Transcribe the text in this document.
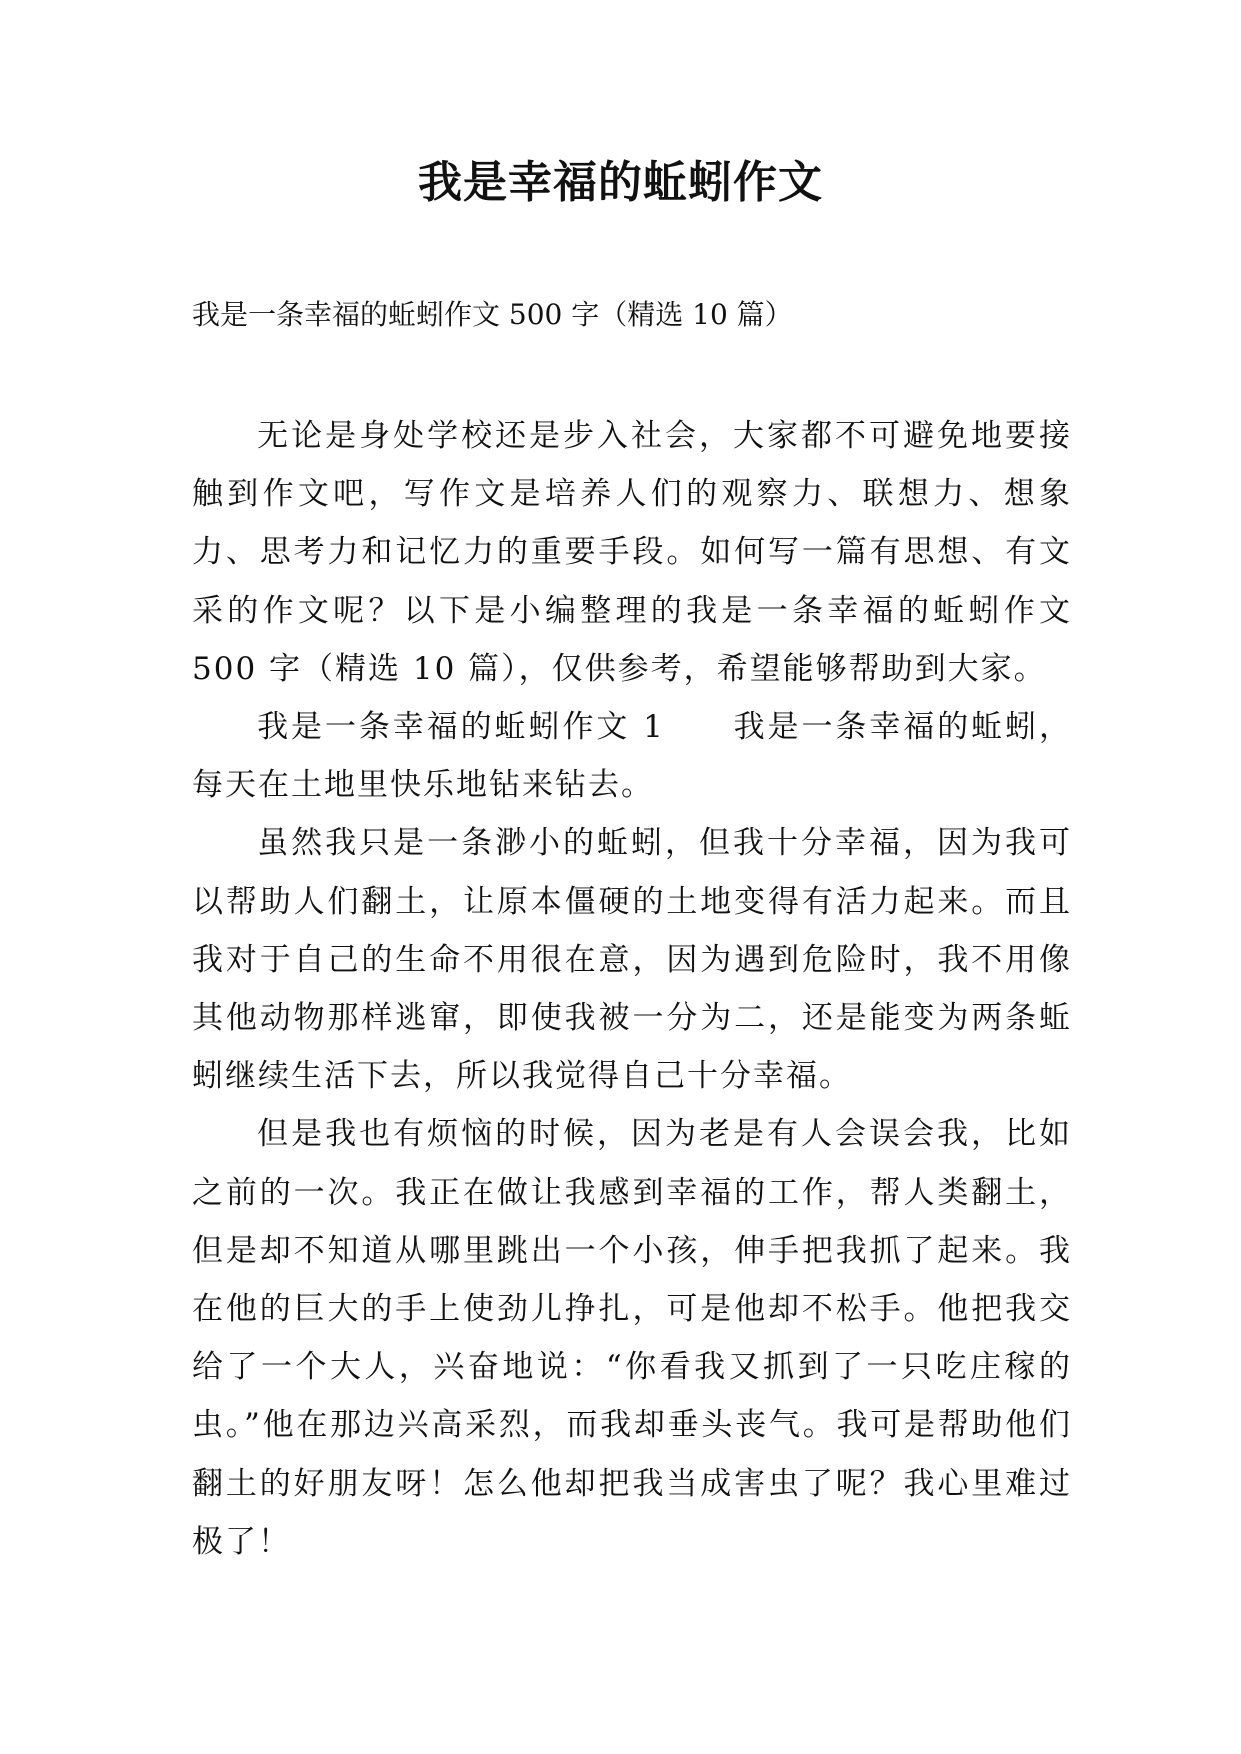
我是幸福的蚯蚓作文

我是一条幸福的蚯蚓作文 500 字（精选 10 篇）

无论是身处学校还是步入社会，大家都不可避免地要接触到作文吧，写作文是培养人们的观察力、联想力、想象力、思考力和记忆力的重要手段。如何写一篇有思想、有文采的作文呢？以下是小编整理的我是一条幸福的蚯蚓作文 500 字（精选 10 篇），仅供参考，希望能够帮助到大家。

我是一条幸福的蚯蚓作文 1　　我是一条幸福的蚯蚓，每天在土地里快乐地钻来钻去。

虽然我只是一条渺小的蚯蚓，但我十分幸福，因为我可以帮助人们翻土，让原本僵硬的土地变得有活力起来。而且我对于自己的生命不用很在意，因为遇到危险时，我不用像其他动物那样逃窜，即使我被一分为二，还是能变为两条蚯蚓继续生活下去，所以我觉得自己十分幸福。

但是我也有烦恼的时候，因为老是有人会误会我，比如之前的一次。我正在做让我感到幸福的工作，帮人类翻土，但是却不知道从哪里跳出一个小孩，伸手把我抓了起来。我在他的巨大的手上使劲儿挣扎，可是他却不松手。他把我交给了一个大人，兴奋地说：“你看我又抓到了一只吃庄稼的虫。”他在那边兴高采烈，而我却垂头丧气。我可是帮助他们翻土的好朋友呀！怎么他却把我当成害虫了呢？我心里难过极了！
